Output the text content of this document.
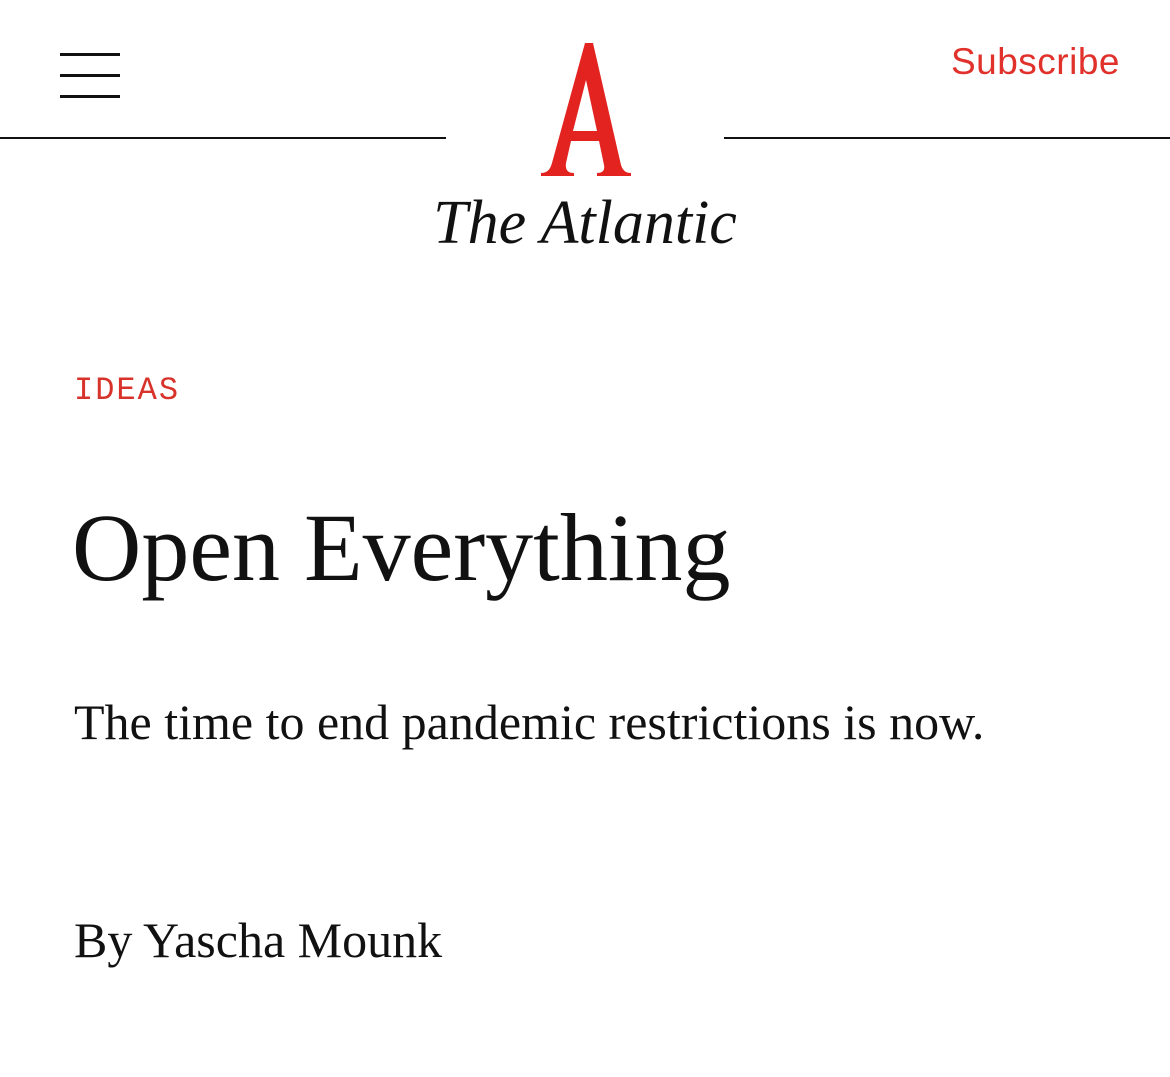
Subscribe
The Atlantic
IDEAS
Open Everything

The time to end pandemic restrictions is now.

By Yascha Mounk
